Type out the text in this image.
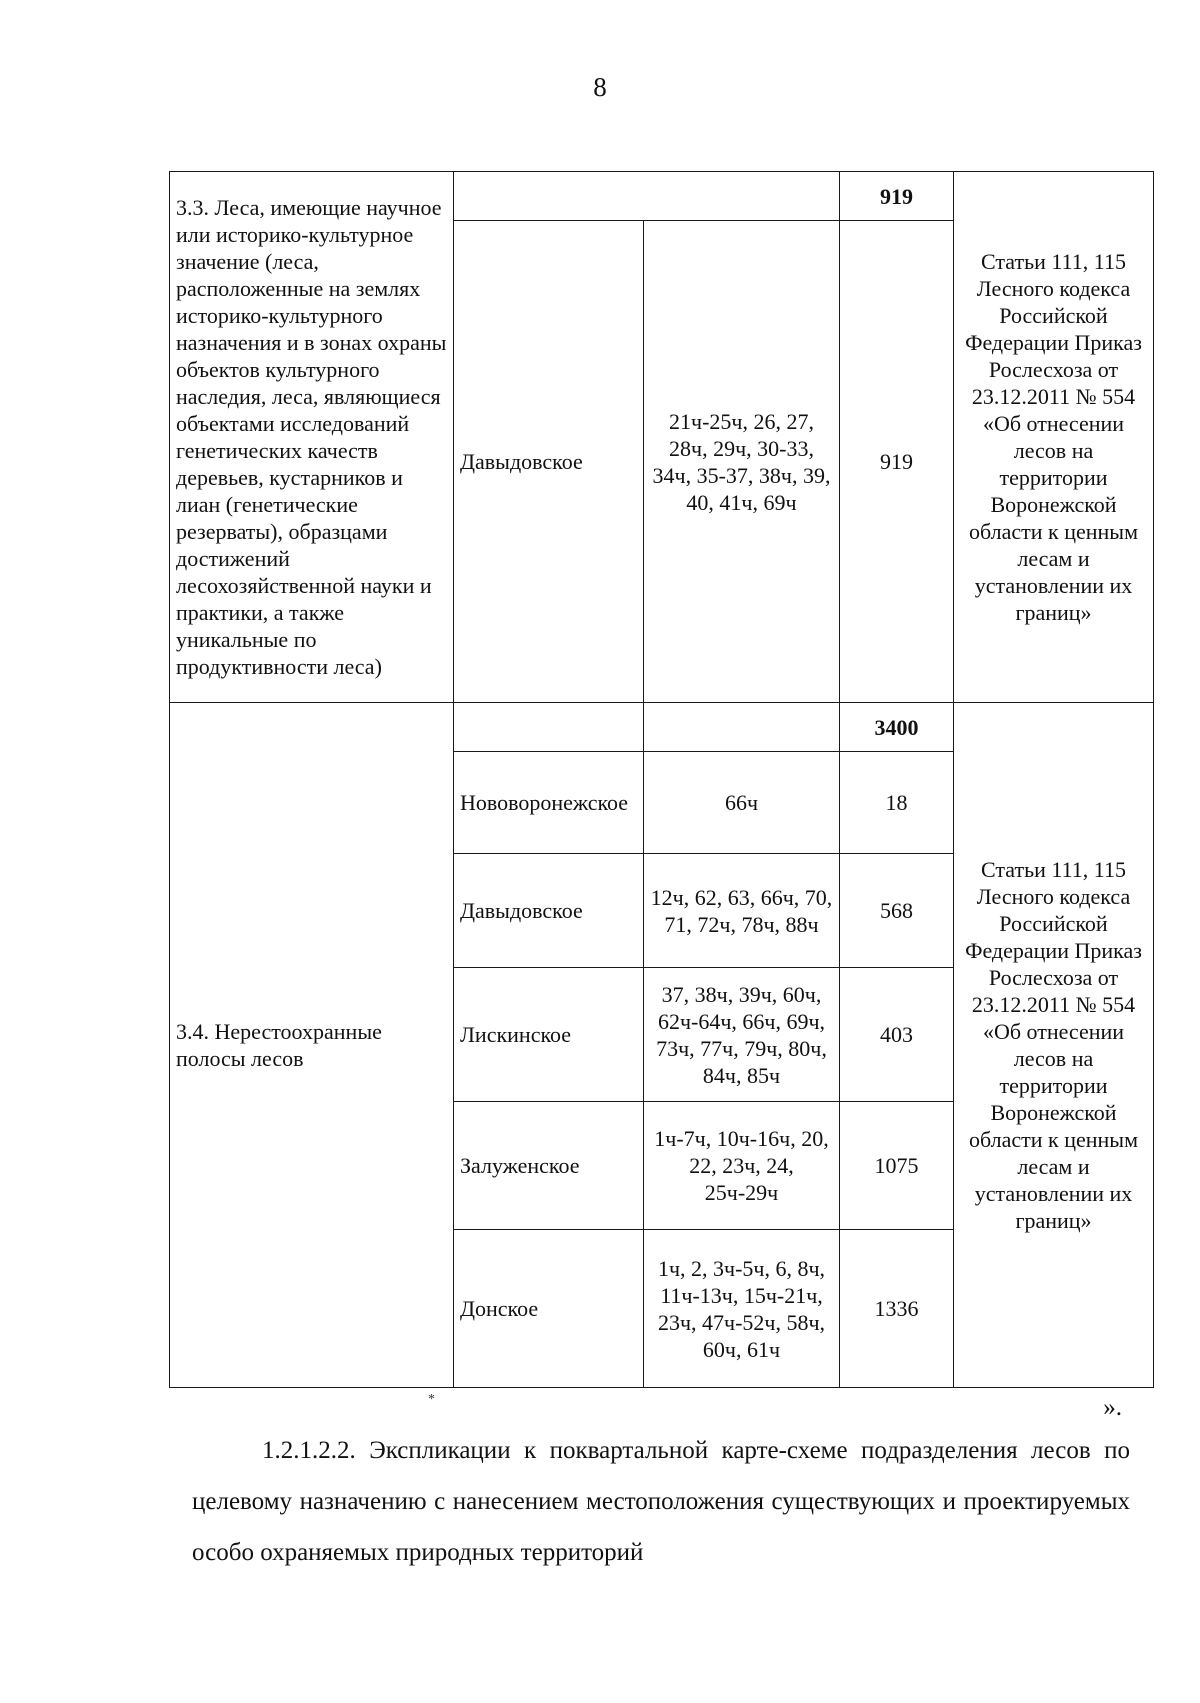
8
3.3. Леса, имеющие научное или историко-культурное значение (леса, расположенные на землях историко-культурного назначения и в зонах охраны объектов культурного наследия, леса, являющиеся объектами исследований генетических качеств деревьев, кустарников и лиан (генетические резерваты), образцами достижений лесохозяйственной науки и практики, а также уникальные по продуктивности леса)			919	Статьи 111, 115 Лесного кодекса Российской Федерации Приказ Рослесхоза от 23.12.2011 № 554 «Об отнесении лесов на территории Воронежской области к ценным лесам и установлении их границ»
	Давыдовское	21ч-25ч, 26, 27, 28ч, 29ч, 30-33, 34ч, 35-37, 38ч, 39, 40, 41ч, 69ч	919	
3.4. Нерестоохранные полосы лесов			3400	Статьи 111, 115 Лесного кодекса Российской Федерации Приказ Рослесхоза от 23.12.2011 № 554 «Об отнесении лесов на территории Воронежской области к ценным лесам и установлении их границ»
	Нововоронежское	66ч	18	
	Давыдовское	12ч, 62, 63, 66ч, 70, 71, 72ч, 78ч, 88ч	568	
	Лискинское	37, 38ч, 39ч, 60ч, 62ч-64ч, 66ч, 69ч, 73ч, 77ч, 79ч, 80ч, 84ч, 85ч	403	
	Залуженское	1ч-7ч, 10ч-16ч, 20, 22, 23ч, 24, 25ч-29ч	1075	
	Донское	1ч, 2, 3ч-5ч, 6, 8ч, 11ч-13ч, 15ч-21ч, 23ч, 47ч-52ч, 58ч, 60ч, 61ч	1336	
*	».

1.2.1.2.2. Экспликации к поквартальной карте-схеме подразделения лесов по целевому назначению с нанесением местоположения существующих и проектируемых особо охраняемых природных территорий
